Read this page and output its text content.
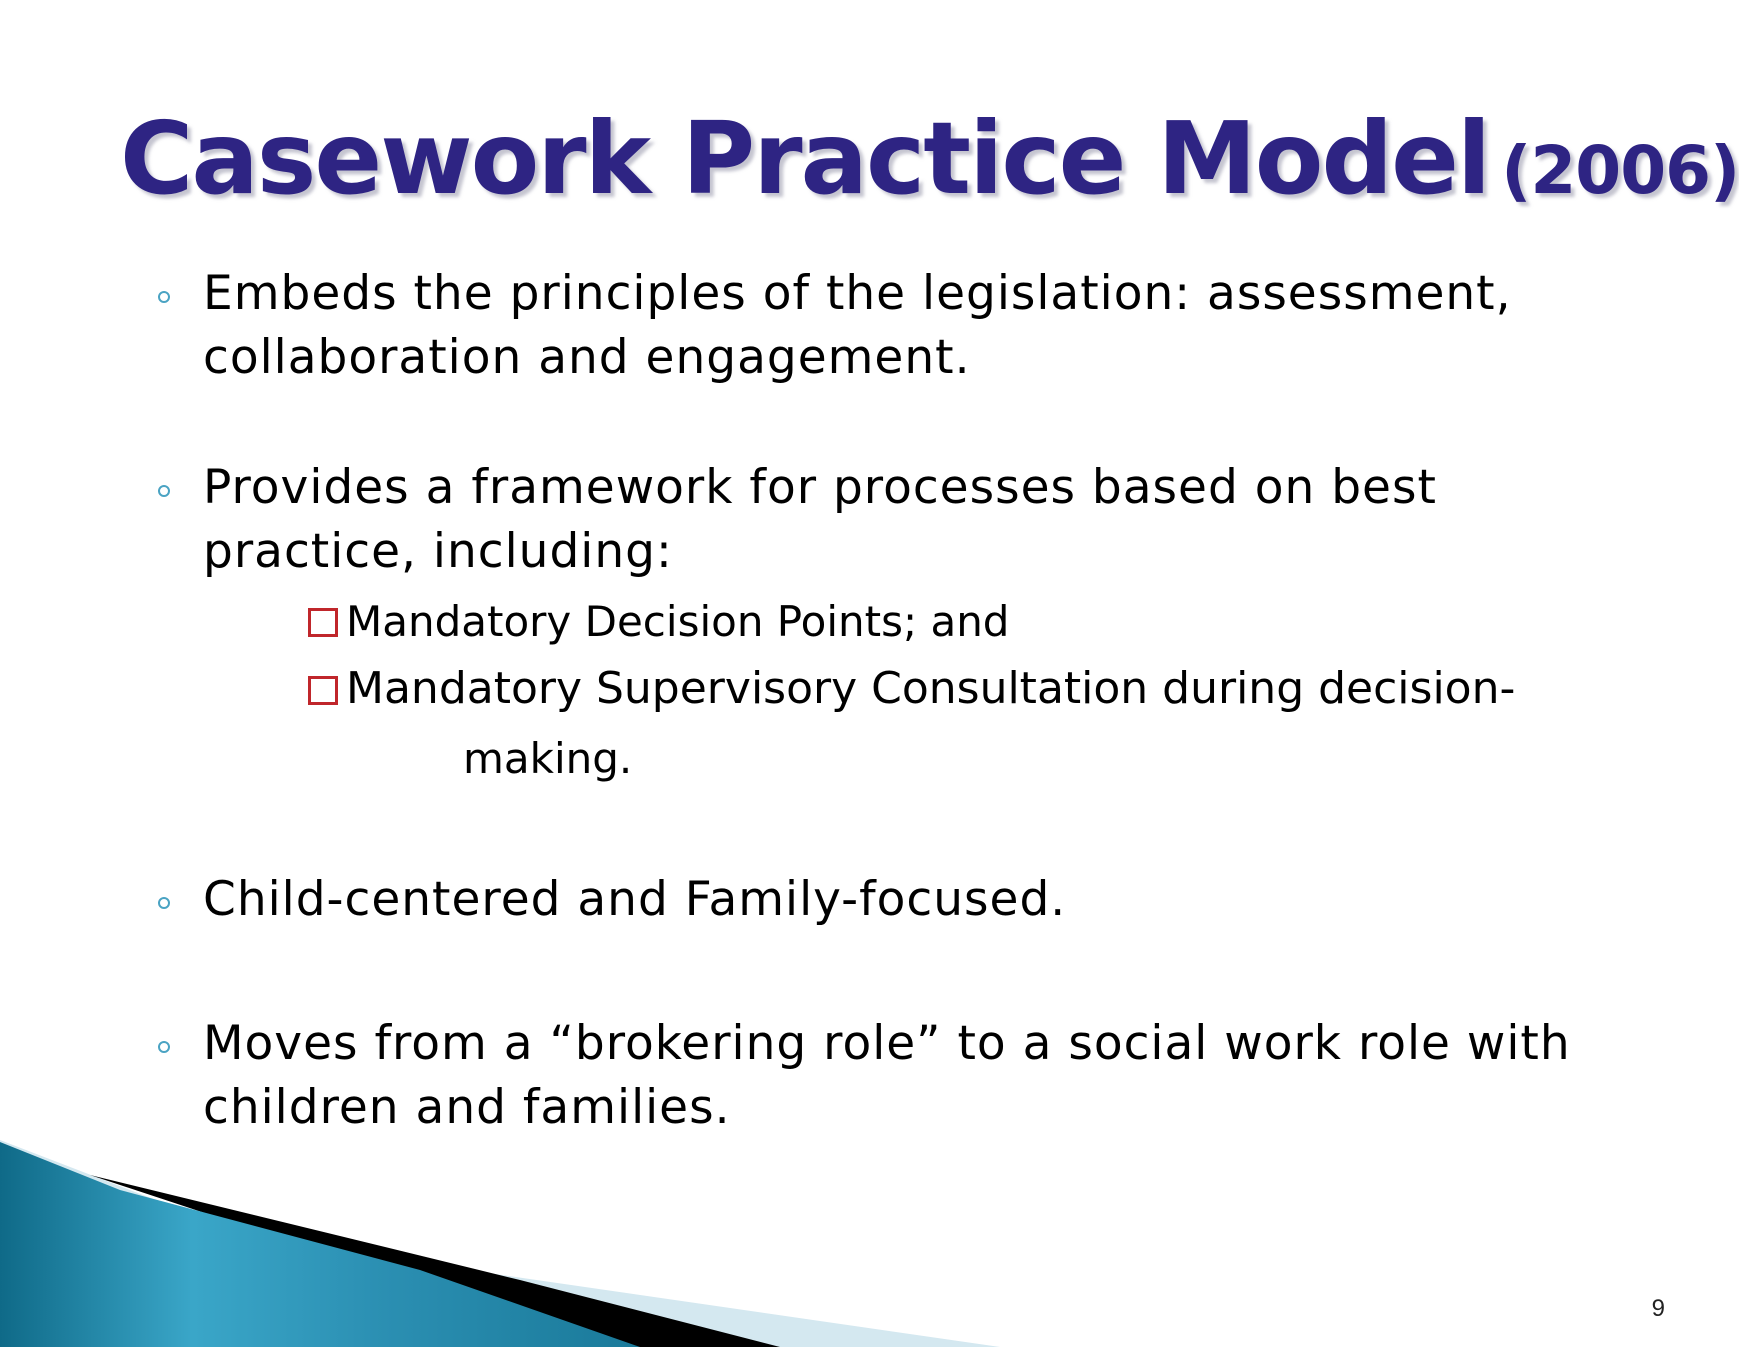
Casework Practice Model (2006)

Embeds the principles of the legislation: assessment, collaboration and engagement.

Provides a framework for processes based on best practice, including:

Mandatory Decision Points; and

Mandatory Supervisory Consultation during decision-

making.

Child-centered and Family-focused.

Moves from a “brokering role” to a social work role with children and families.

9
